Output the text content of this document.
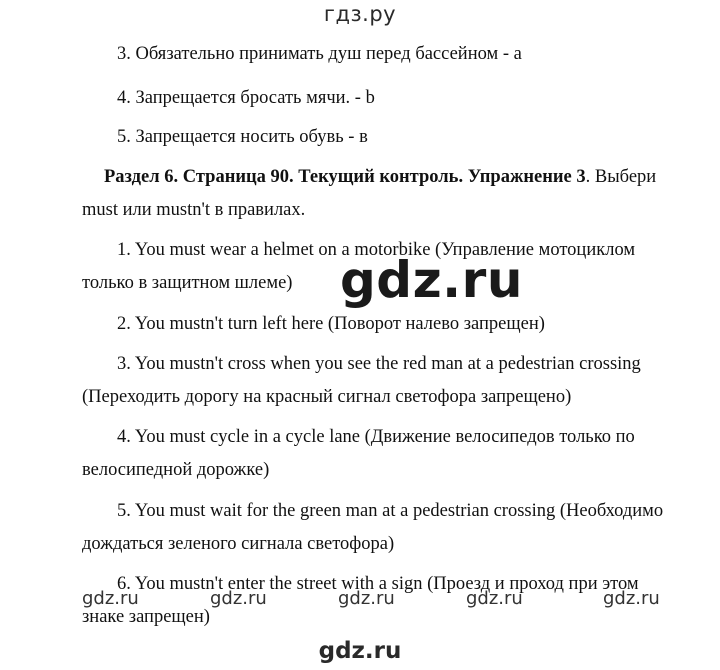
гдз.ру
3. Обязательно принимать душ перед бассейном - а
4. Запрещается бросать мячи. - b
5. Запрещается носить обувь - в
Раздел 6. Страница 90. Текущий контроль. Упражнение 3. Выбери
must или mustn't в правилах.
1. You must wear a helmet on a motorbike (Управление мотоциклом
только в защитном шлеме)
2. You mustn't turn left here (Поворот налево запрещен)
3. You mustn't cross when you see the red man at a pedestrian crossing
(Переходить дорогу на красный сигнал светофора запрещено)
4. You must cycle in a cycle lane (Движение велосипедов только по
велосипедной дорожке)
5. You must wait for the green man at a pedestrian crossing (Необходимо
дождаться зеленого сигнала светофора)
6. You mustn't enter the street with a sign (Проезд и проход при этом
знаке запрещен)
gdz.ru
gdz.ru	gdz.ru	gdz.ru	gdz.ru	gdz.ru
gdz.ru
